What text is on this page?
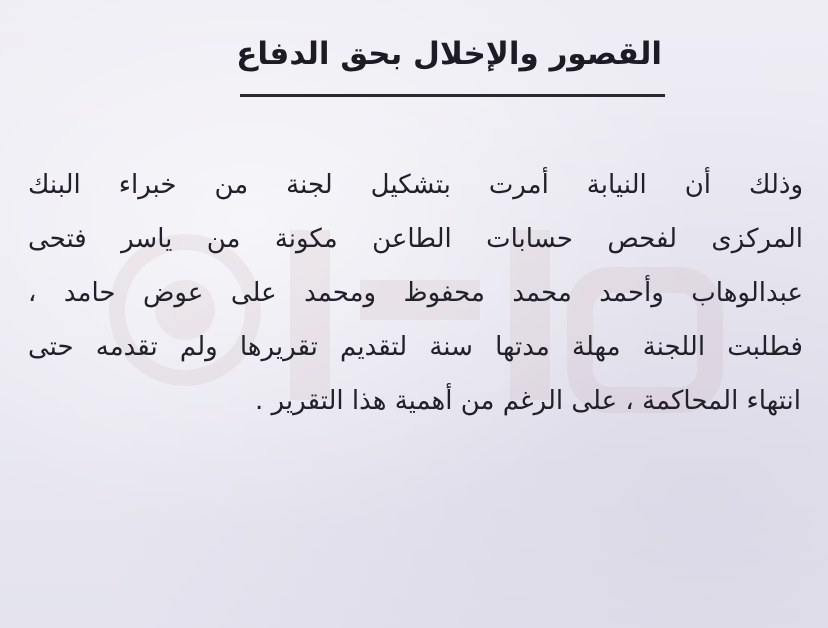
القصور والإخلال بحق الدفاع
وذلك أن النيابة أمرت بتشكيل لجنة من خبراء البنك
المركزى لفحص حسابات الطاعن مكونة من ياسر فتحى
عبدالوهاب وأحمد محمد محفوظ ومحمد على عوض حامد ،
فطلبت اللجنة مهلة مدتها سنة لتقديم تقريرها ولم تقدمه حتى
انتهاء المحاكمة ، على الرغم من أهمية هذا التقرير .
